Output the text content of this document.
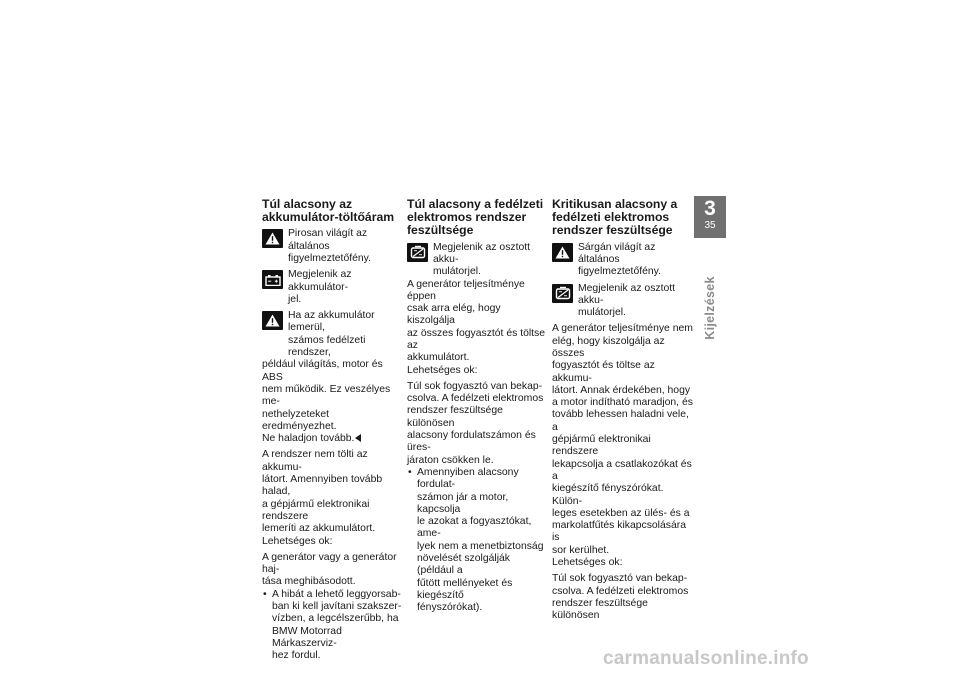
Túl alacsony az
akkumulátor-töltőáram

Pirosan világít az általános
figyelmeztetőfény.

Megjelenik az akkumulátor-
jel.

Ha az akkumulátor lemerül,
számos fedélzeti rendszer,

például világítás, motor és ABS
nem működik. Ez veszélyes me-
nethelyzeteket eredményezhet.
Ne haladjon tovább.

A rendszer nem tölti az akkumu-
látort. Amennyiben tovább halad,
a gépjármű elektronikai rendszere
lemeríti az akkumulátort.
Lehetséges ok:

A generátor vagy a generátor haj-
tása meghibásodott.

• A hibát a lehető leggyorsab-
ban ki kell javítani szakszer-
vízben, a legcélszerűbb, ha
BMW Motorrad Márkaszerviz-
hez fordul.
Túl alacsony a fedélzeti
elektromos rendszer
feszültsége

Megjelenik az osztott akku-
mulátorjel.

A generátor teljesítménye éppen
csak arra elég, hogy kiszolgálja
az összes fogyasztót és töltse az
akkumulátort.
Lehetséges ok:

Túl sok fogyasztó van bekap-
csolva. A fedélzeti elektromos
rendszer feszültsége különösen
alacsony fordulatszámon és üres-
járaton csökken le.

• Amennyiben alacsony fordulat-
számon jár a motor, kapcsolja
le azokat a fogyasztókat, ame-
lyek nem a menetbiztonság
növelését szolgálják (például a
fűtött mellényeket és kiegészítő
fényszórókat).
Kritikusan alacsony a
fedélzeti elektromos
rendszer feszültsége

Sárgán világít az általános
figyelmeztetőfény.

Megjelenik az osztott akku-
mulátorjel.

A generátor teljesítménye nem
elég, hogy kiszolgálja az összes
fogyasztót és töltse az akkumu-
látort. Annak érdekében, hogy
a motor indítható maradjon, és
tovább lehessen haladni vele, a
gépjármű elektronikai rendszere
lekapcsolja a csatlakozókat és a
kiegészítő fényszórókat. Külön-
leges esetekben az ülés- és a
markolatfűtés kikapcsolására is
sor kerülhet.
Lehetséges ok:

Túl sok fogyasztó van bekap-
csolva. A fedélzeti elektromos
rendszer feszültsége különösen

3
35
Kijelzések
carmanualsonline.info
